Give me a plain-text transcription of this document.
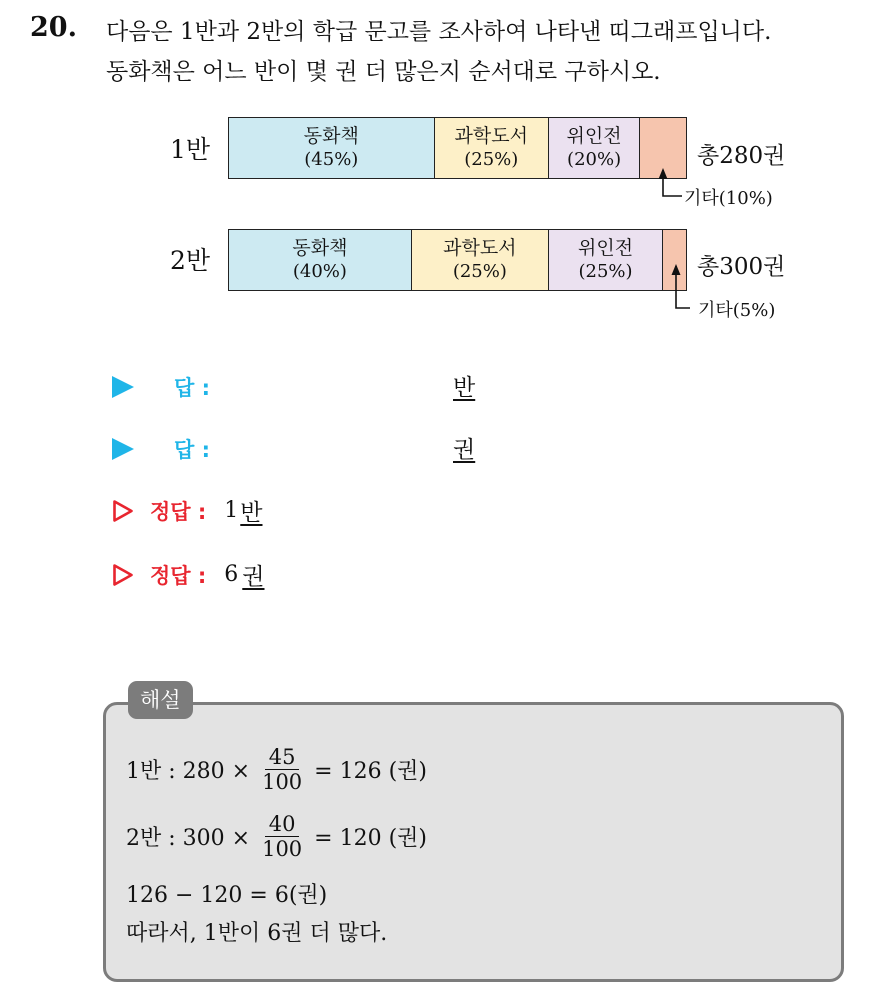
20. 다음은 1반과 2반의 학급 문고를 조사하여 나타낸 띠그래프입니다.
동화책은 어느 반이 몇 권 더 많은지 순서대로 구하시오.
1반	동화책
(45%)
과학도서
(25%)
위인전
(20%)	총280권
기타(10%)
2반	동화책
(40%)
과학도서
(25%)
위인전
(25%)	총300권
기타(5%)
답 :	반
답 :	권
정답 : 1 반
정답 : 6 권
해설
1반 : $280 \times \frac{45}{100} = 126$ (권)
2반 : $300 \times \frac{40}{100} = 120$ (권)
126 − 120 = 6(권)
따라서, 1반이 6권 더 많다.
